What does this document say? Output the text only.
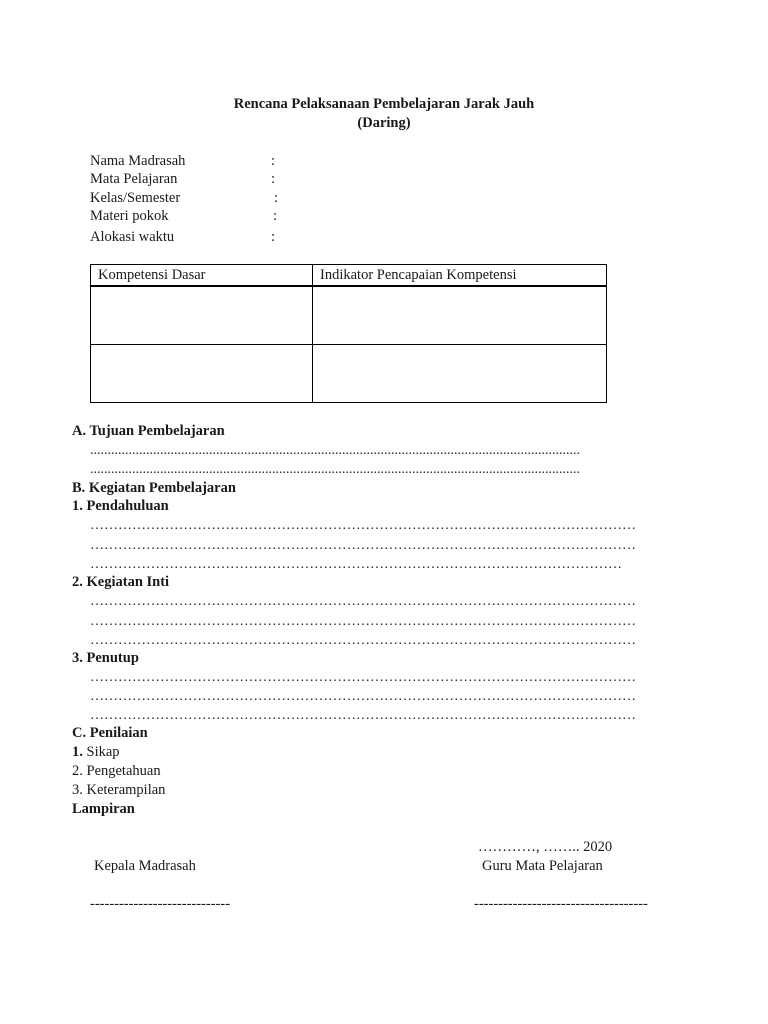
Rencana Pelaksanaan Pembelajaran Jarak Jauh
(Daring)
Nama Madrasah	:
Mata Pelajaran	:
Kelas/Semester	:
Materi pokok	:
Alokasi waktu	:
Kompetensi Dasar	Indikator Pencapaian Kompetensi

A. Tujuan Pembelajaran
............................................................................................................................................
............................................................................................................................................
B. Kegiatan Pembelajaran
1. Pendahuluan
………………………………………………………………………………………………………
………………………………………………………………………………………………………
……………………………………………………………………………………………………
2. Kegiatan Inti
………………………………………………………………………………………………………
………………………………………………………………………………………………………
………………………………………………………………………………………………………
3. Penutup
………………………………………………………………………………………………………
………………………………………………………………………………………………………
………………………………………………………………………………………………………
C. Penilaian
1. Sikap
2. Pengetahuan
3. Keterampilan
Lampiran
…………, …….. 2020
Kepala Madrasah	Guru Mata Pelajaran
-----------------------------	------------------------------------
